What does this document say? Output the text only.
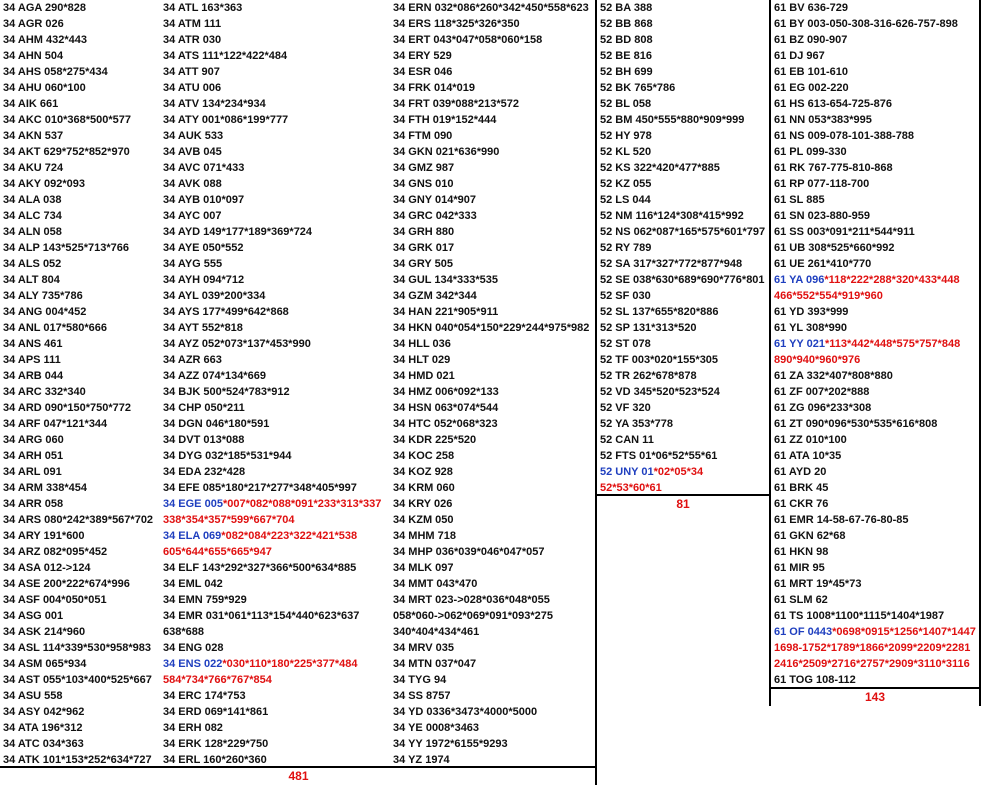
34 AGA 290*828
34 AGR 026
34 AHM 432*443
34 AHN 504
34 AHS 058*275*434
34 AHU 060*100
34 AIK 661
34 AKC 010*368*500*577
34 AKN 537
34 AKT 629*752*852*970
34 AKU 724
34 AKY 092*093
34 ALA 038
34 ALC 734
34 ALN 058
34 ALP 143*525*713*766
34 ALS 052
34 ALT 804
34 ALY 735*786
34 ANG 004*452
34 ANL 017*580*666
34 ANS 461
34 APS 111
34 ARB 044
34 ARC 332*340
34 ARD 090*150*750*772
34 ARF 047*121*344
34 ARG 060
34 ARH 051
34 ARL 091
34 ARM 338*454
34 ARR 058
34 ARS 080*242*389*567*702
34 ARY 191*600
34 ARZ 082*095*452
34 ASA 012->124
34 ASE 200*222*674*996
34 ASF 004*050*051
34 ASG 001
34 ASK 214*960
34 ASL 114*339*530*958*983
34 ASM 065*934
34 AST 055*103*400*525*667
34 ASU 558
34 ASY 042*962
34 ATA 196*312
34 ATC 034*363
34 ATK 101*153*252*634*727
34 ATL 163*363
34 ATM 111
34 ATR 030
34 ATS 111*122*422*484
34 ATT 907
34 ATU 006
34 ATV 134*234*934
34 ATY 001*086*199*777
34 AUK 533
34 AVB 045
34 AVC 071*433
34 AVK 088
34 AYB 010*097
34 AYC 007
34 AYD 149*177*189*369*724
34 AYE 050*552
34 AYG 555
34 AYH 094*712
34 AYL 039*200*334
34 AYS 177*499*642*868
34 AYT 552*818
34 AYZ 052*073*137*453*990
34 AZR 663
34 AZZ 074*134*669
34 BJK 500*524*783*912
34 CHP 050*211
34 DGN 046*180*591
34 DVT 013*088
34 DYG 032*185*531*944
34 EDA 232*428
34 EFE 085*180*217*277*348*405*997
34 EGE 005*007*082*088*091*233*313*337
338*354*357*599*667*704
34 ELA 069*082*084*223*322*421*538
605*644*655*665*947
34 ELF 143*292*327*366*500*634*885
34 EML 042
34 EMN 759*929
34 EMR 031*061*113*154*440*623*637
638*688
34 ENG 028
34 ENS 022*030*110*180*225*377*484
584*734*766*767*854
34 ERC 174*753
34 ERD 069*141*861
34 ERH 082
34 ERK 128*229*750
34 ERL 160*260*360
34 ERN 032*086*260*342*450*558*623
34 ERS 118*325*326*350
34 ERT 043*047*058*060*158
34 ERY 529
34 ESR 046
34 FRK 014*019
34 FRT 039*088*213*572
34 FTH 019*152*444
34 FTM 090
34 GKN 021*636*990
34 GMZ 987
34 GNS 010
34 GNY 014*907
34 GRC 042*333
34 GRH 880
34 GRK 017
34 GRY 505
34 GUL 134*333*535
34 GZM 342*344
34 HAN 221*905*911
34 HKN 040*054*150*229*244*975*982
34 HLL 036
34 HLT 029
34 HMD 021
34 HMZ 006*092*133
34 HSN 063*074*544
34 HTC 052*068*323
34 KDR 225*520
34 KOC 258
34 KOZ 928
34 KRM 060
34 KRY 026
34 KZM 050
34 MHM 718
34 MHP 036*039*046*047*057
34 MLK 097
34 MMT 043*470
34 MRT 023->028*036*048*055
058*060->062*069*091*093*275
340*404*434*461
34 MRV 035
34 MTN 037*047
34 TYG 94
34 SS 8757
34 YD 0336*3473*4000*5000
34 YE 0008*3463
34 YY 1972*6155*9293
34 YZ 1974
52 BA 388
52 BB 868
52 BD 808
52 BE 816
52 BH 699
52 BK 765*786
52 BL 058
52 BM 450*555*880*909*999
52 HY 978
52 KL 520
52 KS 322*420*477*885
52 KZ 055
52 LS 044
52 NM 116*124*308*415*992
52 NS 062*087*165*575*601*797
52 RY 789
52 SA 317*327*772*877*948
52 SE 038*630*689*690*776*801
52 SF 030
52 SL 137*655*820*886
52 SP 131*313*520
52 ST 078
52 TF 003*020*155*305
52 TR 262*678*878
52 VD 345*520*523*524
52 VF 320
52 YA 353*778
52 CAN 11
52 FTS 01*06*52*55*61
52 UNY 01*02*05*34
52*53*60*61
61 BV 636-729
61 BY 003-050-308-316-626-757-898
61 BZ 090-907
61 DJ 967
61 EB 101-610
61 EG 002-220
61 HS 613-654-725-876
61 NN 053*383*995
61 NS 009-078-101-388-788
61 PL 099-330
61 RK 767-775-810-868
61 RP 077-118-700
61 SL 885
61 SN 023-880-959
61 SS 003*091*211*544*911
61 UB 308*525*660*992
61 UE 261*410*770
61 YA 096*118*222*288*320*433*448
466*552*554*919*960
61 YD 393*999
61 YL 308*990
61 YY 021*113*442*448*575*757*848
890*940*960*976
61 ZA 332*407*808*880
61 ZF 007*202*888
61 ZG 096*233*308
61 ZT 090*096*530*535*616*808
61 ZZ 010*100
61 ATA 10*35
61 AYD 20
61 BRK 45
61 CKR 76
61 EMR 14-58-67-76-80-85
61 GKN 62*68
61 HKN 98
61 MIR 95
61 MRT 19*45*73
61 SLM 62
61 TS 1008*1100*1115*1404*1987
61 OF 0443*0698*0915*1256*1407*1447
1698-1752*1789*1866*2099*2209*2281
2416*2509*2716*2757*2909*3110*3116
61 TOG 108-112
481
81
143
